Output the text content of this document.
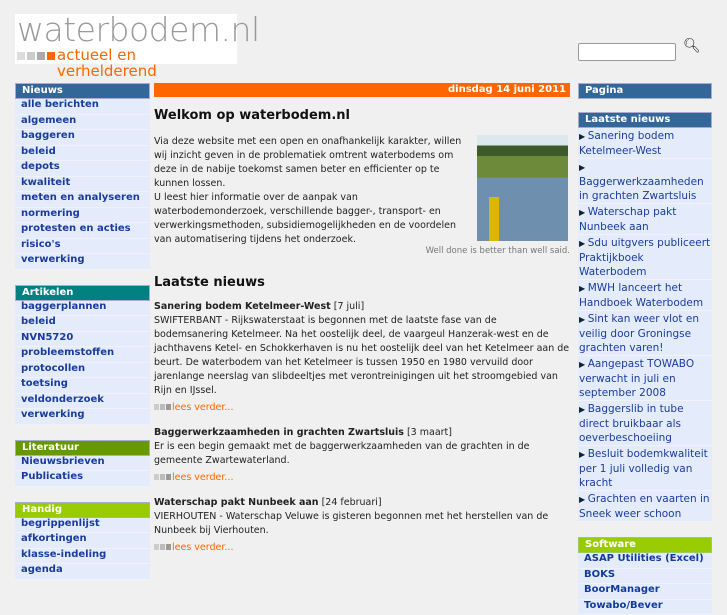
waterbodem.nl
actueel en verhelderend
🔍︎
Nieuws
alle berichten
algemeen
baggeren
beleid
depots
kwaliteit
meten en analyseren
normering
protesten en acties
risico's
verwerking
Artikelen
baggerplannen
beleid
NVN5720
probleemstoffen
protocollen
toetsing
veldonderzoek
verwerking
Literatuur
Nieuwsbrieven
Publicaties
Handig
begrippenlijst
afkortingen
klasse-indeling
agenda
dinsdag 14 juni 2011
Welkom op waterbodem.nl

Via deze website met een open en onafhankelijk karakter, willen wij inzicht geven in de problematiek omtrent waterbodems om deze in de nabije toekomst samen beter en efficienter op te kunnen lossen.

U leest hier informatie over de aanpak van waterbodemonderzoek, verschillende bagger-, transport- en verwerkingsmethoden, subsidiemogelijkheden en de voordelen van automatisering tijdens het onderzoek.

Well done is better than well said.
Laatste nieuws

Sanering bodem Ketelmeer-West [7 juli]

SWIFTERBANT - Rijkswaterstaat is begonnen met de laatste fase van de bodemsanering Ketelmeer. Na het oostelijk deel, de vaargeul Hanzerak-west en de jachthavens Ketel- en Schokkerhaven is nu het oostelijk deel van het Ketelmeer aan de beurt. De waterbodem van het Ketelmeer is tussen 1950 en 1980 vervuild door jarenlange neerslag van slibdeeltjes met verontreinigingen uit het stroomgebied van Rijn en IJssel.

lees verder...

Baggerwerkzaamheden in grachten Zwartsluis [3 maart]

Er is een begin gemaakt met de baggerwerkzaamheden van de grachten in de gemeente Zwartewaterland.

lees verder...

Waterschap pakt Nunbeek aan [24 februari]

VIERHOUTEN - Waterschap Veluwe is gisteren begonnen met het herstellen van de Nunbeek bij Vierhouten.

lees verder...
Pagina
Laatste nieuws
▶ Sanering bodem Ketelmeer-West
▶ Baggerwerkzaamheden in grachten Zwartsluis
▶ Waterschap pakt Nunbeek aan
▶ Sdu uitgvers publiceert Praktijkboek Waterbodem
▶ MWH lanceert het Handboek Waterbodem
▶ Sint kan weer vlot en veilig door Groningse grachten varen!
▶ Aangepast TOWABO verwacht in juli en september 2008
▶ Baggerslib in tube direct bruikbaar als oeverbeschoeiing
▶ Besluit bodemkwaliteit per 1 juli volledig van kracht
▶ Grachten en vaarten in Sneek weer schoon
Software
ASAP Utilities (Excel)
BOKS
BoorManager
Towabo/Bever
